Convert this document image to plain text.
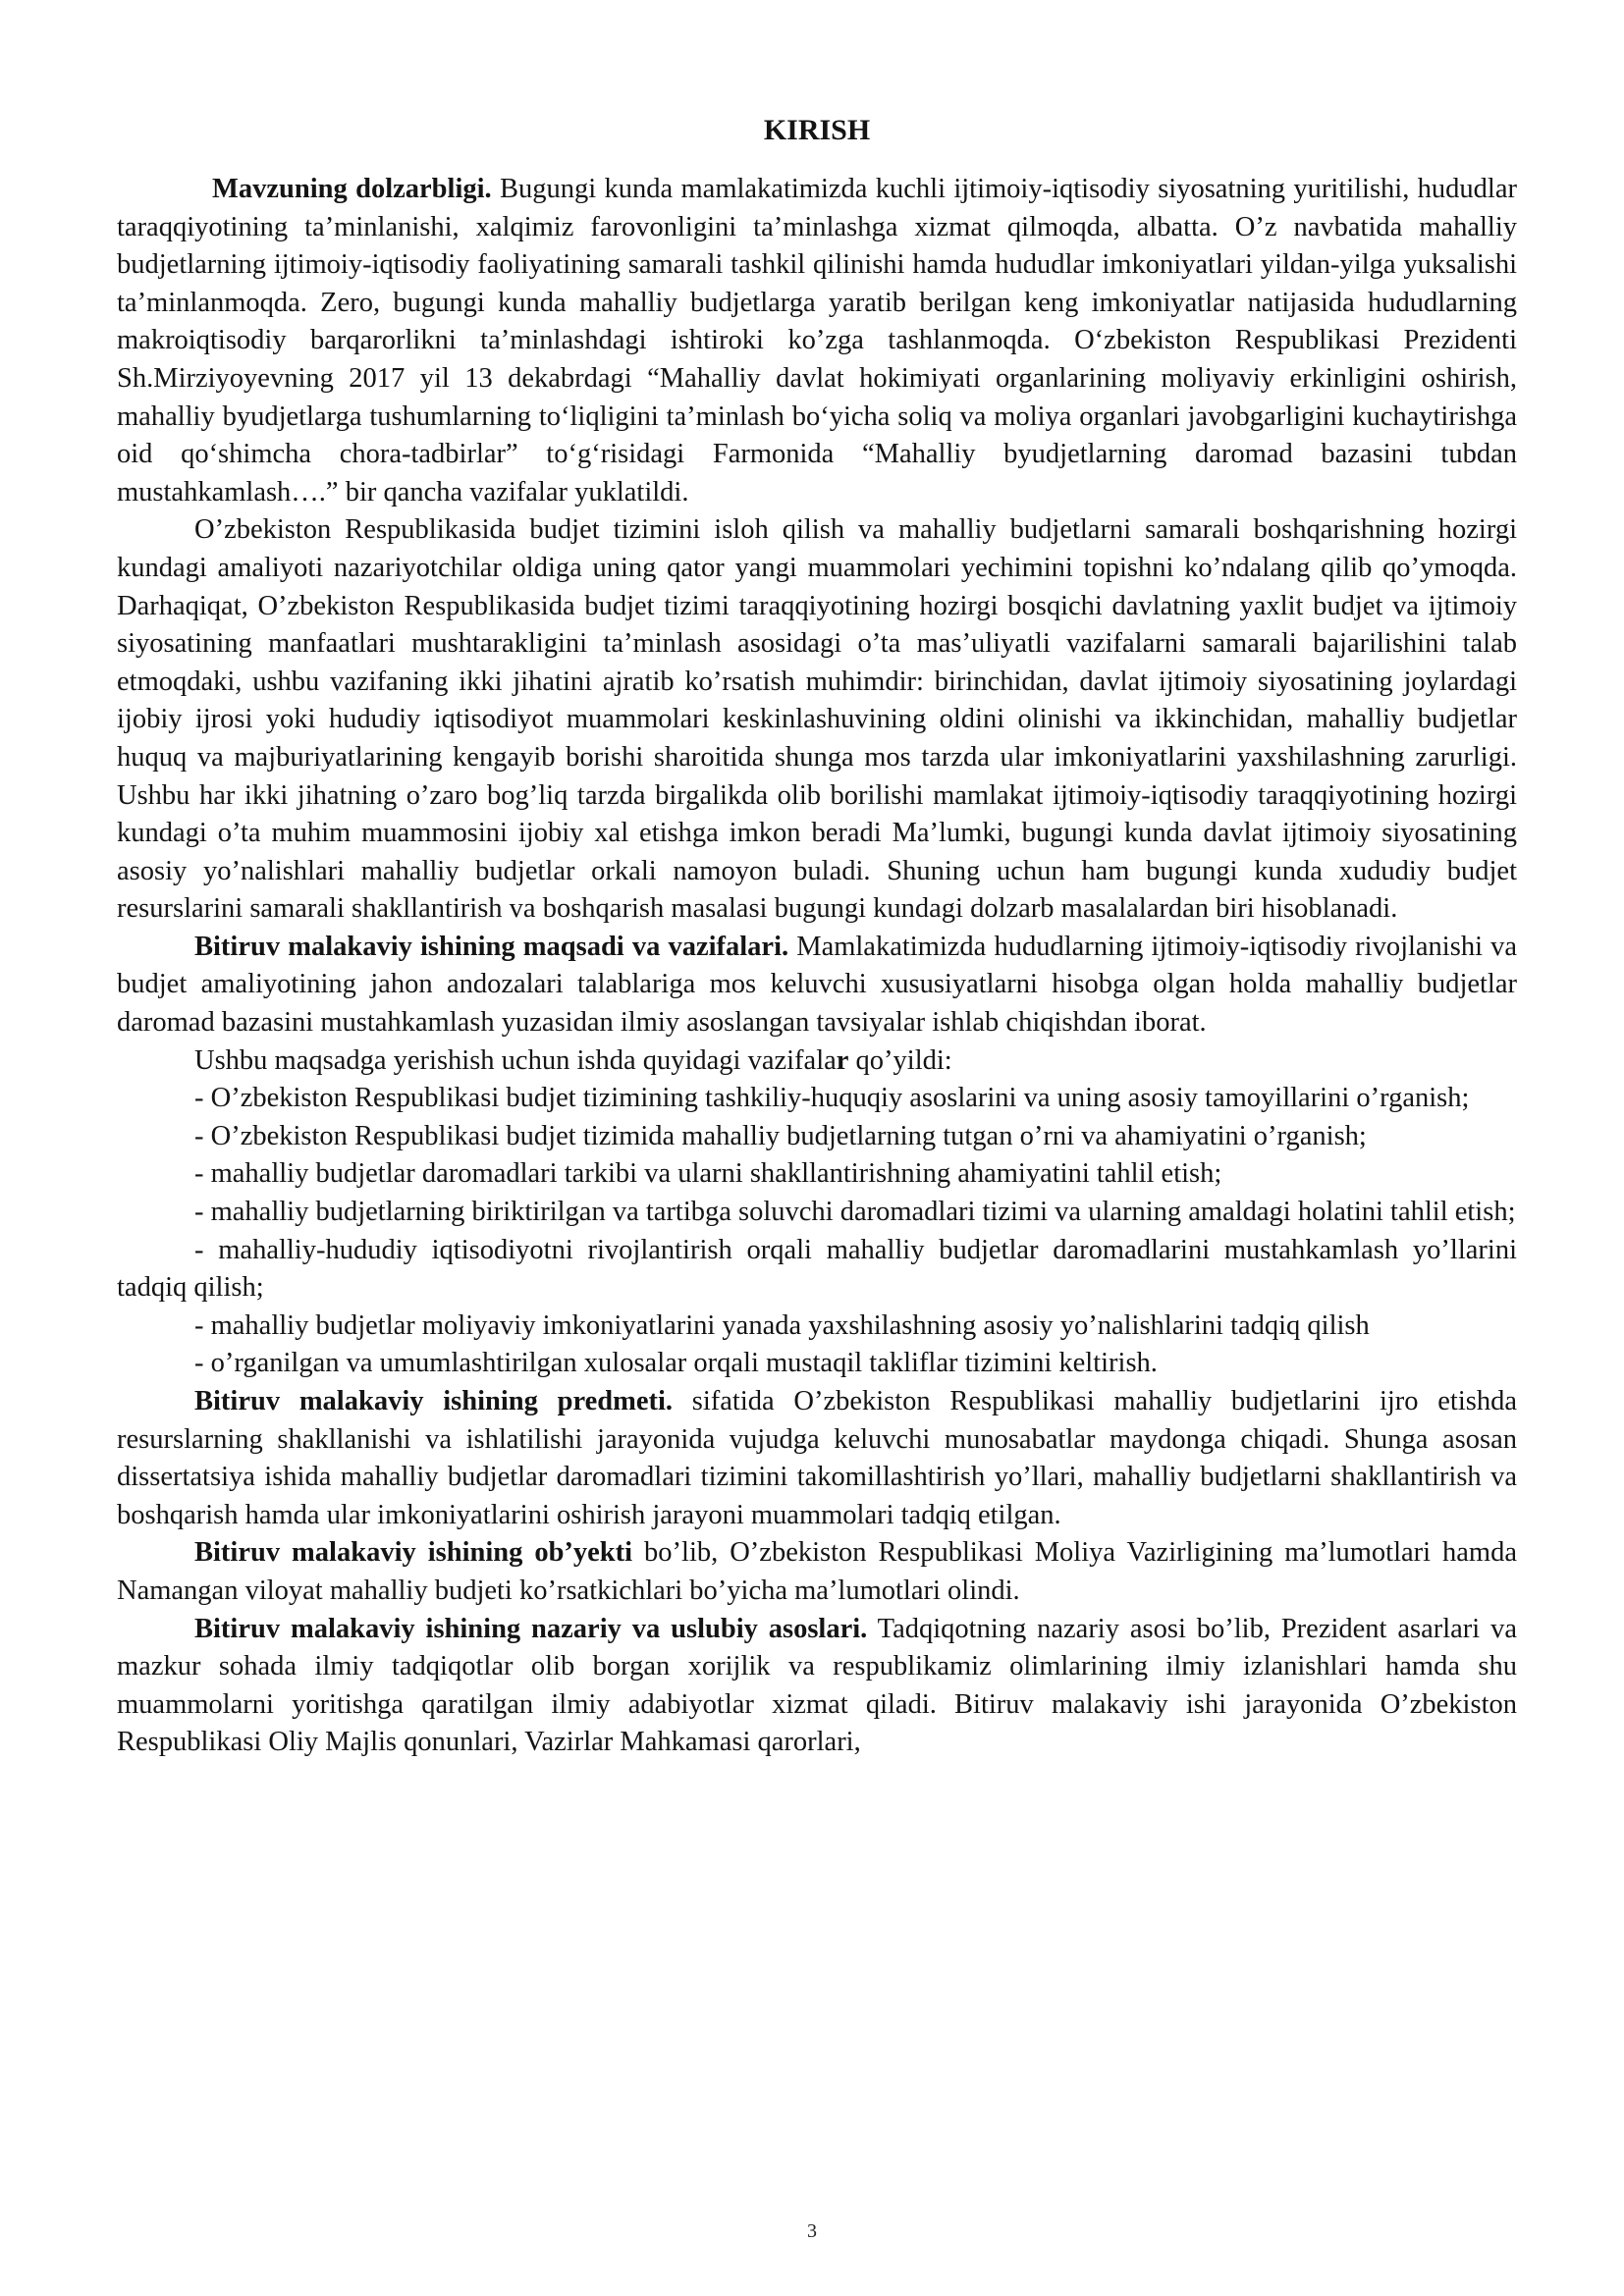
KIRISH

Mavzuning dolzarbligi. Bugungi kunda mamlakatimizda kuchli ijtimoiy-iqtisodiy siyosatning yuritilishi, hududlar taraqqiyotining ta’minlanishi, xalqimiz farovonligini ta’minlashga xizmat qilmoqda, albatta. O’z navbatida mahalliy budjetlarning ijtimoiy-iqtisodiy faoliyatining samarali tashkil qilinishi hamda hududlar imkoniyatlari yildan-yilga yuksalishi ta’minlanmoqda. Zero, bugungi kunda mahalliy budjetlarga yaratib berilgan keng imkoniyatlar natijasida hududlarning makroiqtisodiy barqarorlikni ta’minlashdagi ishtiroki ko’zga tashlanmoqda. O‘zbekiston Respublikasi Prezidenti Sh.Mirziyoyevning 2017 yil 13 dekabrdagi “Mahalliy davlat hokimiyati organlarining moliyaviy erkinligini oshirish, mahalliy byudjetlarga tushumlarning to‘liqligini ta’minlash bo‘yicha soliq va moliya organlari javobgarligini kuchaytirishga oid qo‘shimcha chora-tadbirlar” to‘g‘risidagi Farmonida “Mahalliy byudjetlarning daromad bazasini tubdan mustahkamlash….” bir qancha vazifalar yuklatildi.

O’zbekiston Respublikasida budjet tizimini isloh qilish va mahalliy budjetlarni samarali boshqarishning hozirgi kundagi amaliyoti nazariyotchilar oldiga uning qator yangi muammolari yechimini topishni ko’ndalang qilib qo’ymoqda. Darhaqiqat, O’zbekiston Respublikasida budjet tizimi taraqqiyotining hozirgi bosqichi davlatning yaxlit budjet va ijtimoiy siyosatining manfaatlari mushtarakligini ta’minlash asosidagi o’ta mas’uliyatli vazifalarni samarali bajarilishini talab etmoqdaki, ushbu vazifaning ikki jihatini ajratib ko’rsatish muhimdir: birinchidan, davlat ijtimoiy siyosatining joylardagi ijobiy ijrosi yoki hududiy iqtisodiyot muammolari keskinlashuvining oldini olinishi va ikkinchidan, mahalliy budjetlar huquq va majburiyatlarining kengayib borishi sharoitida shunga mos tarzda ular imkoniyatlarini yaxshilashning zarurligi. Ushbu har ikki jihatning o’zaro bog’liq tarzda birgalikda olib borilishi mamlakat ijtimoiy-iqtisodiy taraqqiyotining hozirgi kundagi o’ta muhim muammosini ijobiy xal etishga imkon beradi Ma’lumki, bugungi kunda davlat ijtimoiy siyosatining asosiy yo’nalishlari mahalliy budjetlar orkali namoyon buladi. Shuning uchun ham bugungi kunda xududiy budjet resurslarini samarali shakllantirish va boshqarish masalasi bugungi kundagi dolzarb masalalardan biri hisoblanadi.

Bitiruv malakaviy ishining maqsadi va vazifalari. Mamlakatimizda hududlarning ijtimoiy-iqtisodiy rivojlanishi va budjet amaliyotining jahon andozalari talablariga mos keluvchi xususiyatlarni hisobga olgan holda mahalliy budjetlar daromad bazasini mustahkamlash yuzasidan ilmiy asoslangan tavsiyalar ishlab chiqishdan iborat.

Ushbu maqsadga yerishish uchun ishda quyidagi vazifalar qo’yildi:

- O’zbekiston Respublikasi budjet tizimining tashkiliy-huquqiy asoslarini va uning asosiy tamoyillarini o’rganish;

- O’zbekiston Respublikasi budjet tizimida mahalliy budjetlarning tutgan o’rni va ahamiyatini o’rganish;

- mahalliy budjetlar daromadlari tarkibi va ularni shakllantirishning ahamiyatini tahlil etish;

- mahalliy budjetlarning biriktirilgan va tartibga soluvchi daromadlari tizimi va ularning amaldagi holatini tahlil etish;

- mahalliy-hududiy iqtisodiyotni rivojlantirish orqali mahalliy budjetlar daromadlarini mustahkamlash yo’llarini tadqiq qilish;

- mahalliy budjetlar moliyaviy imkoniyatlarini yanada yaxshilashning asosiy yo’nalishlarini tadqiq qilish

- o’rganilgan va umumlashtirilgan xulosalar orqali mustaqil takliflar tizimini keltirish.

Bitiruv malakaviy ishining predmeti. sifatida O’zbekiston Respublikasi mahalliy budjetlarini ijro etishda resurslarning shakllanishi va ishlatilishi jarayonida vujudga keluvchi munosabatlar maydonga chiqadi. Shunga asosan dissertatsiya ishida mahalliy budjetlar daromadlari tizimini takomillashtirish yo’llari, mahalliy budjetlarni shakllantirish va boshqarish hamda ular imkoniyatlarini oshirish jarayoni muammolari tadqiq etilgan.

Bitiruv malakaviy ishining ob’yekti bo’lib, O’zbekiston Respublikasi Moliya Vazirligining ma’lumotlari hamda Namangan viloyat mahalliy budjeti ko’rsatkichlari bo’yicha ma’lumotlari olindi.

Bitiruv malakaviy ishining nazariy va uslubiy asoslari. Tadqiqotning nazariy asosi bo’lib, Prezident asarlari va mazkur sohada ilmiy tadqiqotlar olib borgan xorijlik va respublikamiz olimlarining ilmiy izlanishlari hamda shu muammolarni yoritishga qaratilgan ilmiy adabiyotlar xizmat qiladi. Bitiruv malakaviy ishi jarayonida O’zbekiston Respublikasi Oliy Majlis qonunlari, Vazirlar Mahkamasi qarorlari,

3
